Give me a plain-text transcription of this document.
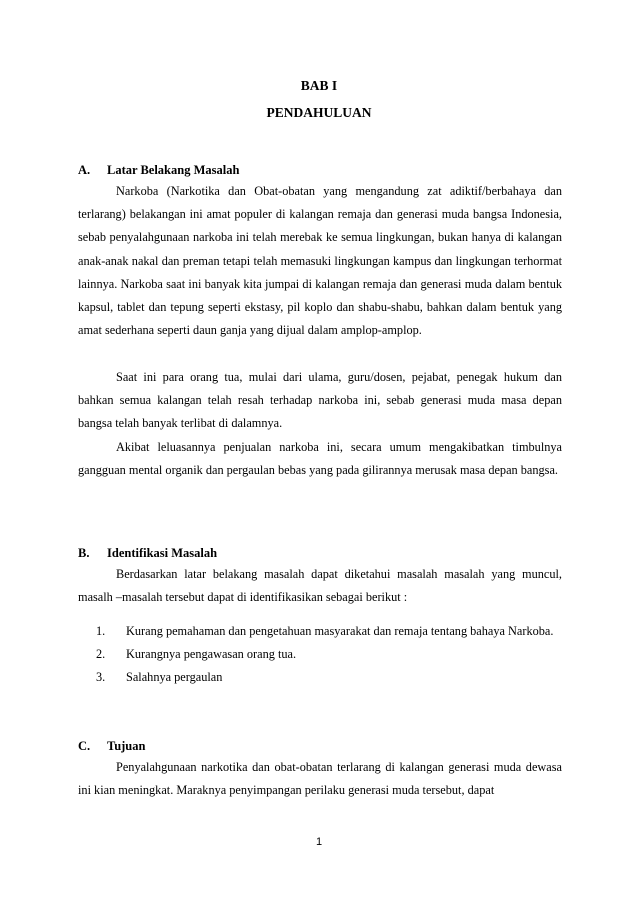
BAB I
PENDAHULUAN
A. Latar Belakang Masalah

Narkoba (Narkotika dan Obat-obatan yang mengandung zat adiktif/berbahaya dan terlarang) belakangan ini amat populer di kalangan remaja dan generasi muda bangsa Indonesia, sebab penyalahgunaan narkoba ini telah merebak ke semua lingkungan, bukan hanya di kalangan anak-anak nakal dan preman tetapi telah memasuki lingkungan kampus dan lingkungan terhormat lainnya. Narkoba saat ini banyak kita jumpai di kalangan remaja dan generasi muda dalam bentuk kapsul, tablet dan tepung seperti ekstasy, pil koplo dan shabu-shabu, bahkan dalam bentuk yang amat sederhana seperti daun ganja yang dijual dalam amplop-amplop.

Saat ini para orang tua, mulai dari ulama, guru/dosen, pejabat, penegak hukum dan bahkan semua kalangan telah resah terhadap narkoba ini, sebab generasi muda masa depan bangsa telah banyak terlibat di dalamnya.

Akibat leluasannya penjualan narkoba ini, secara umum mengakibatkan timbulnya gangguan mental organik dan pergaulan bebas yang pada gilirannya merusak masa depan bangsa.

B. Identifikasi Masalah

Berdasarkan latar belakang masalah dapat diketahui masalah masalah yang muncul, masalh –masalah tersebut dapat di identifikasikan sebagai berikut :

1. Kurang pemahaman dan pengetahuan masyarakat dan remaja tentang bahaya Narkoba.
2. Kurangnya pengawasan orang tua.
3. Salahnya pergaulan
C. Tujuan

Penyalahgunaan narkotika dan obat-obatan terlarang di kalangan generasi muda dewasa ini kian meningkat. Maraknya penyimpangan perilaku generasi muda tersebut, dapat

1
